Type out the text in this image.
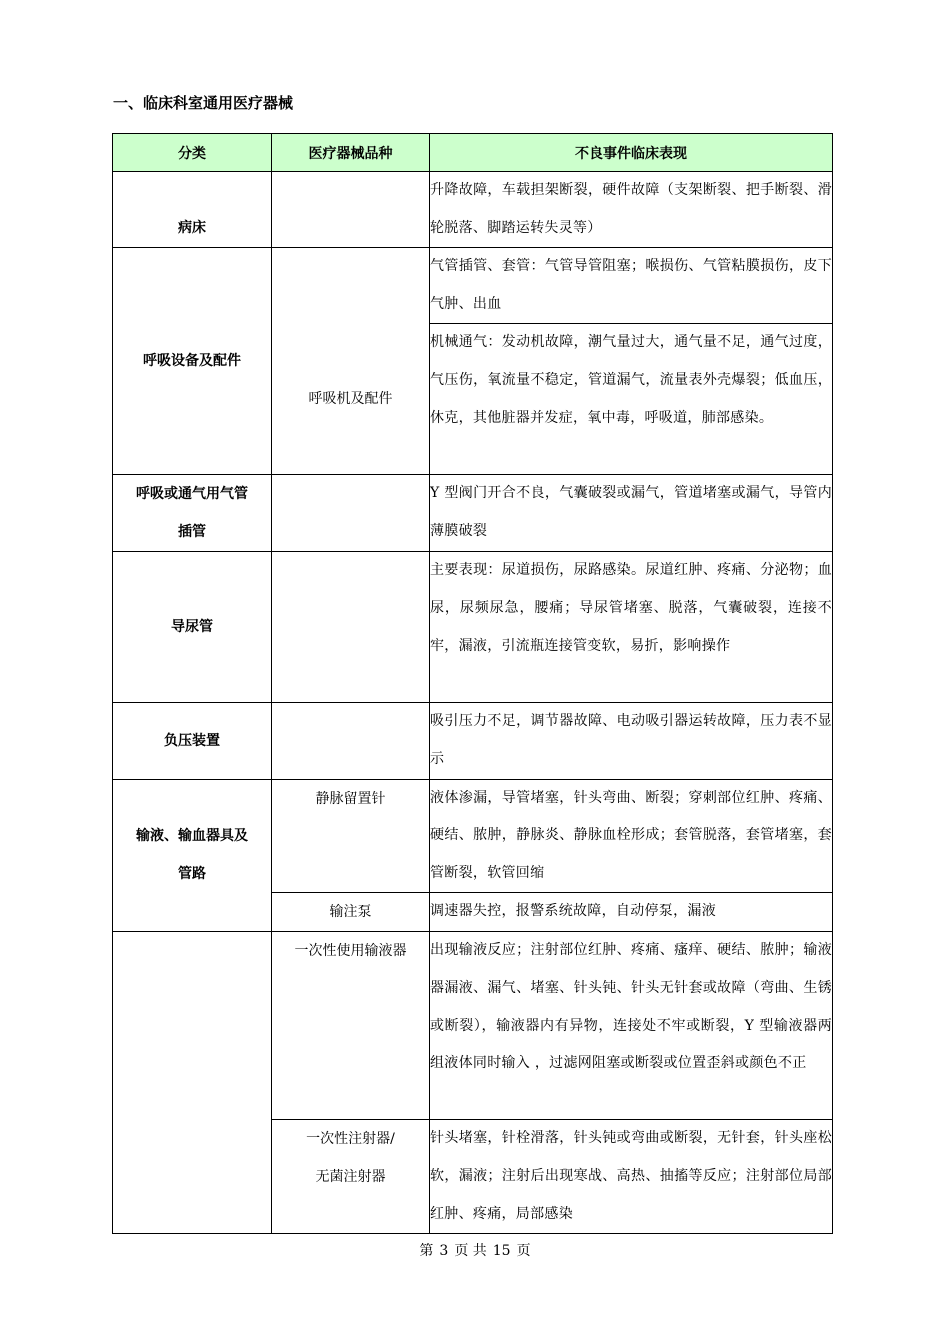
一、临床科室通用医疗器械
分类	医疗器械品种	不良事件临床表现
病床		升降故障，车载担架断裂，硬件故障（支架断裂、把手断裂、滑轮脱落、脚踏运转失灵等）
呼吸设备及配件	呼吸机及配件	气管插管、套管：气管导管阻塞；喉损伤、气管粘膜损伤，皮下气肿、出血
		机械通气：发动机故障，潮气量过大，通气量不足，通气过度，气压伤，氧流量不稳定，管道漏气，流量表外壳爆裂；低血压，休克，其他脏器并发症，氧中毒，呼吸道，肺部感染。

呼吸或通气用气管
插管		Y 型阀门开合不良，气囊破裂或漏气，管道堵塞或漏气，导管内薄膜破裂
导尿管		主要表现：尿道损伤，尿路感染。尿道红肿、疼痛、分泌物；血尿，尿频尿急，腰痛；导尿管堵塞、脱落，气囊破裂，连接不牢，漏液，引流瓶连接管变软，易折，影响操作
负压装置		吸引压力不足，调节器故障、电动吸引器运转故障，压力表不显示

输液、输血器具及
管路	静脉留置针	液体渗漏，导管堵塞，针头弯曲、断裂；穿刺部位红肿、疼痛、硬结、脓肿，静脉炎、静脉血栓形成；套管脱落，套管堵塞，套管断裂，软管回缩
	输注泵	调速器失控，报警系统故障，自动停泵，漏液
	一次性使用输液器	出现输液反应；注射部位红肿、疼痛、瘙痒、硬结、脓肿；输液器漏液、漏气、堵塞、针头钝、针头无针套或故障（弯曲、生锈或断裂），输液器内有异物，连接处不牢或断裂，Y 型输液器两组液体同时输入 ，过滤网阻塞或断裂或位置歪斜或颜色不正

	一次性注射器/
无菌注射器	针头堵塞，针栓滑落，针头钝或弯曲或断裂，无针套，针头座松软，漏液；注射后出现寒战、高热、抽搐等反应；注射部位局部红肿、疼痛，局部感染
第 3 页 共 15 页
